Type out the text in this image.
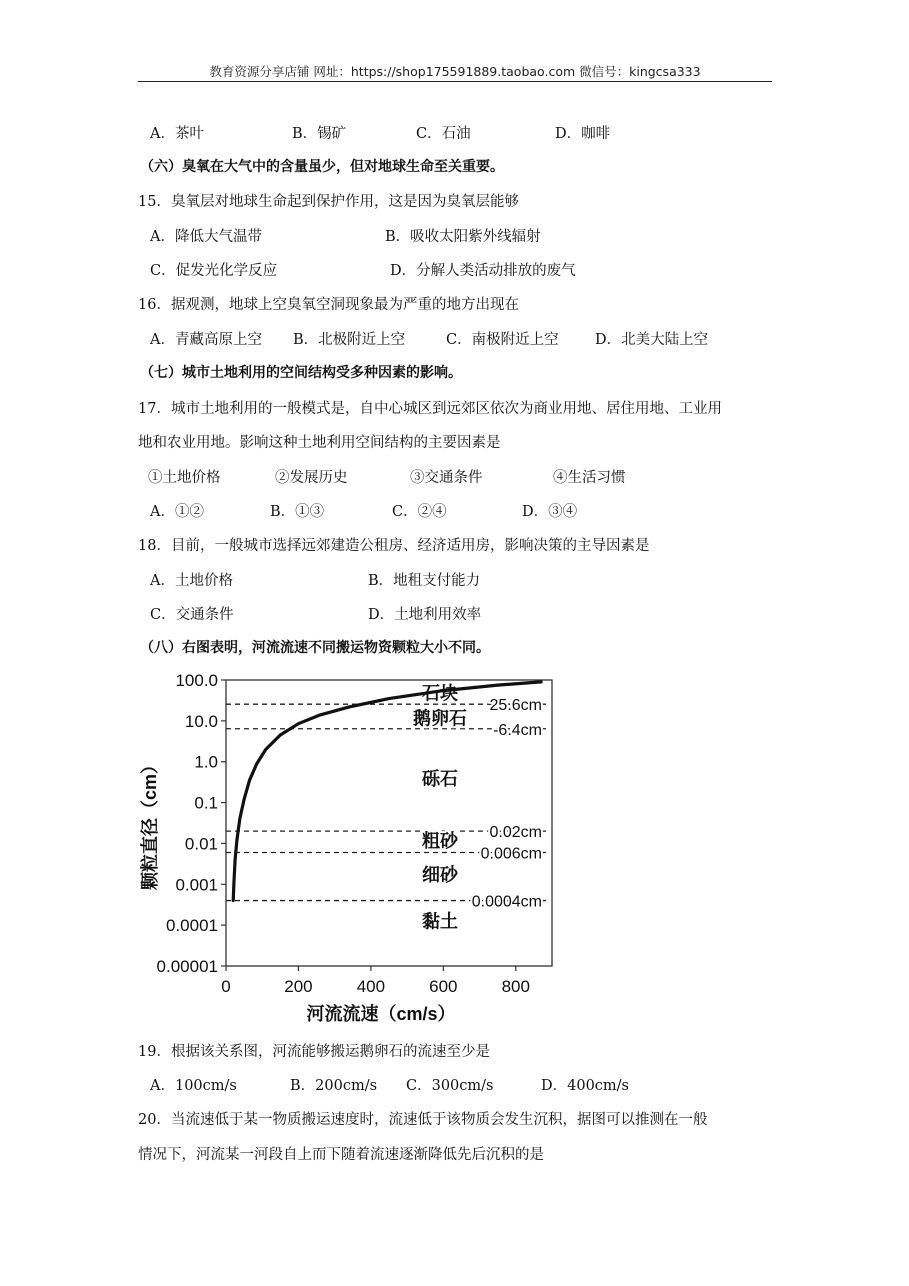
教育资源分享店铺 网址：https://shop175591889.taobao.com 微信号：kingcsa333
A．茶叶	B．锡矿	C．石油	D．咖啡
（六）臭氧在大气中的含量虽少，但对地球生命至关重要。
15．臭氧层对地球生命起到保护作用，这是因为臭氧层能够
A．降低大气温带	B．吸收太阳紫外线辐射
C．促发光化学反应	D．分解人类活动排放的废气
16．据观测，地球上空臭氧空洞现象最为严重的地方出现在
A．青藏高原上空 B．北极附近上空	C．南极附近上空	D．北美大陆上空
（七）城市土地利用的空间结构受多种因素的影响。
17．城市土地利用的一般模式是，自中心城区到远郊区依次为商业用地、居住用地、工业用
地和农业用地。影响这种土地利用空间结构的主要因素是
①土地价格	②发展历史	③交通条件	④生活习惯
A．①②	B．①③	C．②④	D．③④
18．目前，一般城市选择远郊建造公租房、经济适用房，影响决策的主导因素是
A．土地价格	B．地租支付能力
C．交通条件	D．土地利用效率
（八）右图表明，河流流速不同搬运物资颗粒大小不同。
100.0
10.0
1.0
0.1
0.01
0.001
0.0001
0.00001
0	200	400	600	800
河流流速（cm/s）
颗粒直径（cm）
25.6cm
-6.4cm
0.02cm
0.006cm
0.0004cm
石块
鹅卵石
砾石
粗砂
细砂
黏土
19．根据该关系图，河流能够搬运鹅卵石的流速至少是
A．100cm/s	B．200cm/s C．300cm/s	D．400cm/s
20．当流速低于某一物质搬运速度时，流速低于该物质会发生沉积，据图可以推测在一般
情况下，河流某一河段自上而下随着流速逐渐降低先后沉积的是
